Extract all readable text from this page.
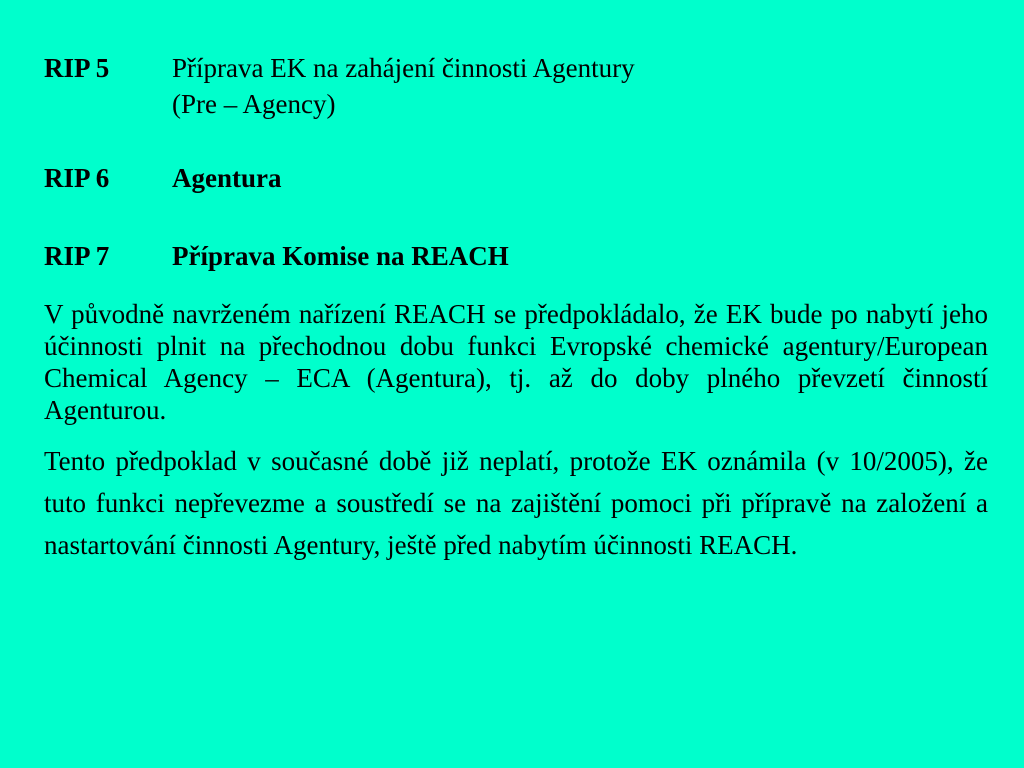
RIP 5	Příprava EK na zahájení činnosti Agentury
(Pre – Agency)
RIP 6	Agentura
RIP 7	Příprava Komise na REACH

V původně navrženém nařízení REACH se předpokládalo, že EK bude po nabytí jeho účinnosti plnit na přechodnou dobu funkci Evropské chemické agentury/European Chemical Agency – ECA (Agentura), tj. až do doby plného převzetí činností Agenturou.

Tento předpoklad v současné době již neplatí, protože EK oznámila (v 10/2005), že tuto funkci nepřevezme a soustředí se na zajištění pomoci při přípravě na založení a nastartování činnosti Agentury, ještě před nabytím účinnosti REACH.
